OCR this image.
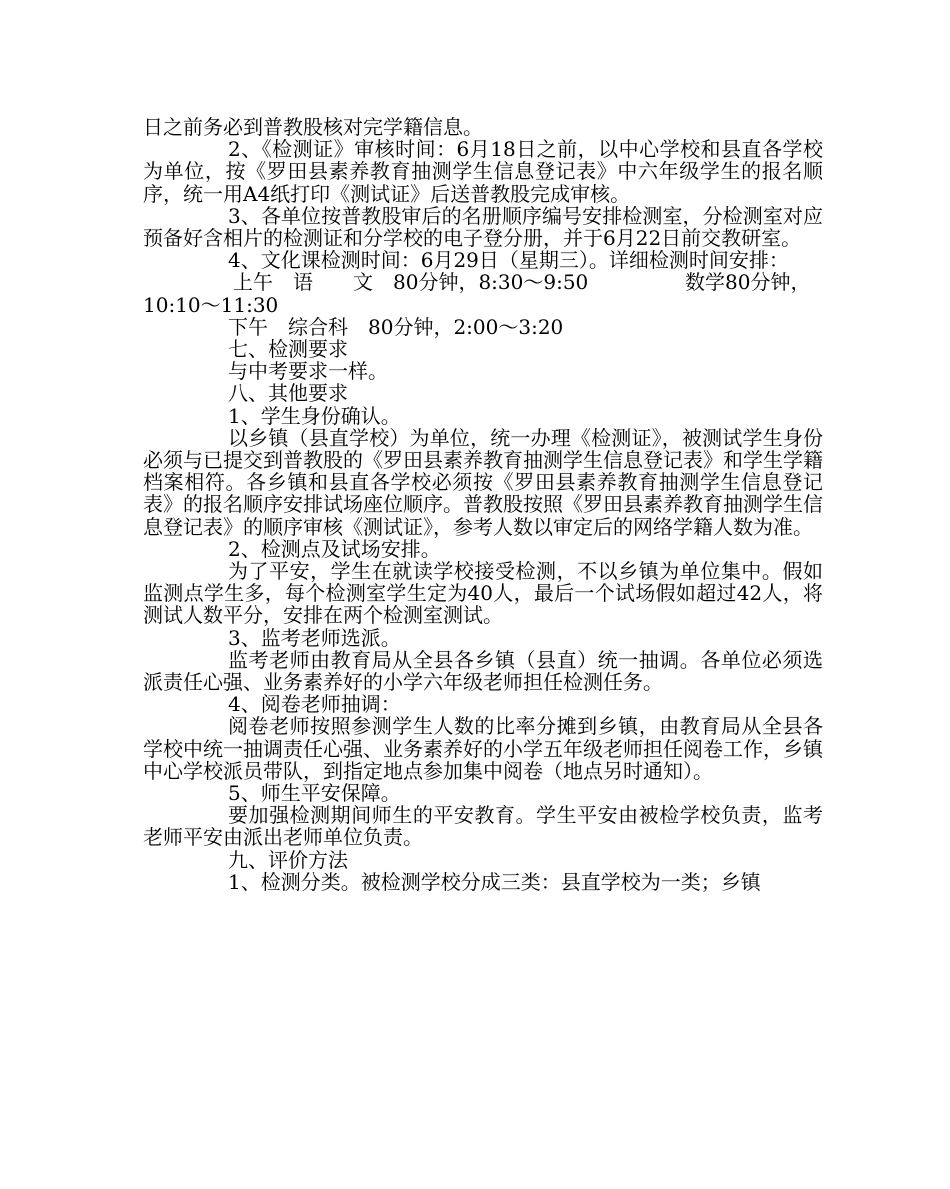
日之前务必到普教股核对完学籍信息。

2、《检测证》审核时间：6月18日之前，以中心学校和县直各学校为单位，按《罗田县素养教育抽测学生信息登记表》中六年级学生的报名顺序，统一用A4纸打印《测试证》后送普教股完成审核。

3、各单位按普教股审后的名册顺序编号安排检测室，分检测室对应预备好含相片的检测证和分学校的电子登分册，并于6月22日前交教研室。

4、文化课检测时间：6月29日（星期三）。详细检测时间安排：

上午　语　　文　80分钟，8:30～9:50	数学80分钟，
10:10～11:30
下午　综合科　80分钟，2:00～3:20

七、检测要求

与中考要求一样。

八、其他要求

1、学生身份确认。

以乡镇（县直学校）为单位，统一办理《检测证》，被测试学生身份必须与已提交到普教股的《罗田县素养教育抽测学生信息登记表》和学生学籍档案相符。各乡镇和县直各学校必须按《罗田县素养教育抽测学生信息登记表》的报名顺序安排试场座位顺序。普教股按照《罗田县素养教育抽测学生信息登记表》的顺序审核《测试证》，参考人数以审定后的网络学籍人数为准。

2、检测点及试场安排。

为了平安，学生在就读学校接受检测，不以乡镇为单位集中。假如监测点学生多，每个检测室学生定为40人，最后一个试场假如超过42人，将测试人数平分，安排在两个检测室测试。

3、监考老师选派。

监考老师由教育局从全县各乡镇（县直）统一抽调。各单位必须选派责任心强、业务素养好的小学六年级老师担任检测任务。

4、阅卷老师抽调：

阅卷老师按照参测学生人数的比率分摊到乡镇，由教育局从全县各学校中统一抽调责任心强、业务素养好的小学五年级老师担任阅卷工作，乡镇中心学校派员带队，到指定地点参加集中阅卷（地点另时通知）。

5、师生平安保障。

要加强检测期间师生的平安教育。学生平安由被检学校负责，监考老师平安由派出老师单位负责。

九、评价方法

1、检测分类。被检测学校分成三类：县直学校为一类；乡镇
